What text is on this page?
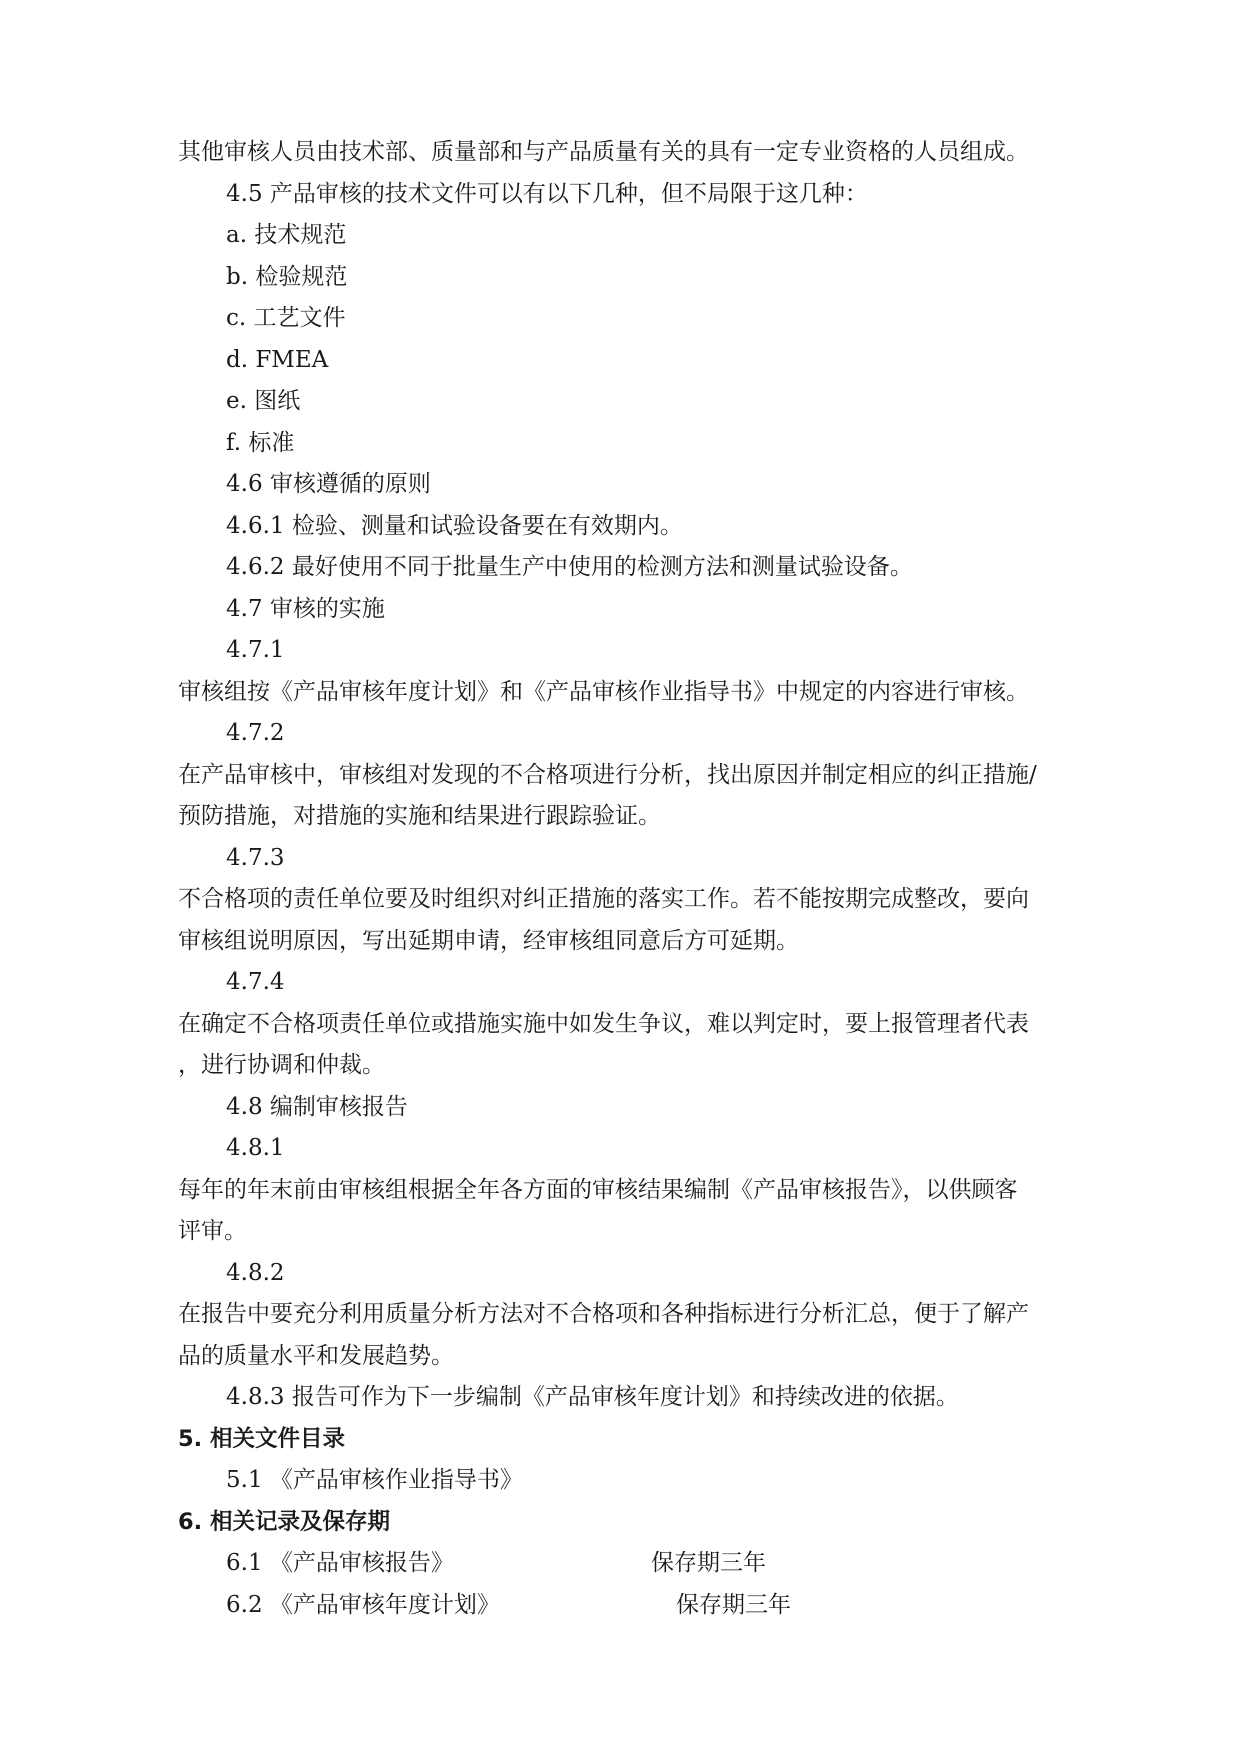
其他审核人员由技术部、质量部和与产品质量有关的具有一定专业资格的人员组成。
4.5 产品审核的技术文件可以有以下几种，但不局限于这几种：
a. 技术规范
b. 检验规范
c. 工艺文件
d. FMEA
e. 图纸
f. 标准
4.6 审核遵循的原则
4.6.1 检验、测量和试验设备要在有效期内。
4.6.2 最好使用不同于批量生产中使用的检测方法和测量试验设备。
4.7 审核的实施
4.7.1
审核组按《产品审核年度计划》和《产品审核作业指导书》中规定的内容进行审核。
4.7.2
在产品审核中，审核组对发现的不合格项进行分析，找出原因并制定相应的纠正措施/
预防措施，对措施的实施和结果进行跟踪验证。
4.7.3
不合格项的责任单位要及时组织对纠正措施的落实工作。若不能按期完成整改，要向
审核组说明原因，写出延期申请，经审核组同意后方可延期。
4.7.4
在确定不合格项责任单位或措施实施中如发生争议，难以判定时，要上报管理者代表
，进行协调和仲裁。
4.8 编制审核报告
4.8.1
每年的年末前由审核组根据全年各方面的审核结果编制《产品审核报告》，以供顾客
评审。
4.8.2
在报告中要充分利用质量分析方法对不合格项和各种指标进行分析汇总，便于了解产
品的质量水平和发展趋势。
4.8.3 报告可作为下一步编制《产品审核年度计划》和持续改进的依据。
5. 相关文件目录
5.1 《产品审核作业指导书》
6. 相关记录及保存期
6.1 《产品审核报告》	保存期三年
6.2 《产品审核年度计划》	保存期三年
